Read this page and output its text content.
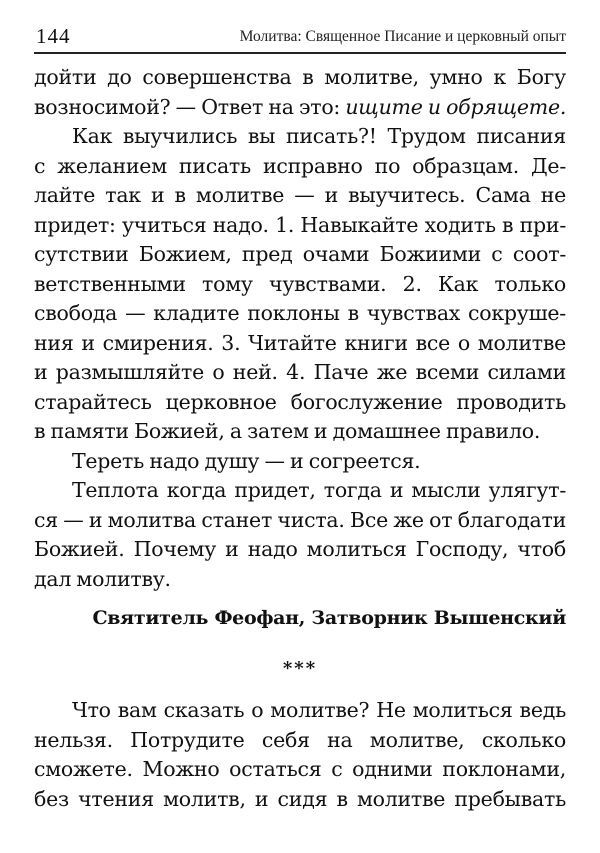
144	Молитва: Священное Писание и церковный опыт
дойти до совершенства в молитве, умно к Богу
возносимой? — Ответ на это: ищите и обрящете.
Как выучились вы писать?! Трудом писания
с желанием писать исправно по образцам. Де-
лайте так и в молитве — и выучитесь. Сама не
придет: учиться надо. 1. Навыкайте ходить в при-
сутствии Божием, пред очами Божиими с соот-
ветственными тому чувствами. 2. Как только
свобода — кладите поклоны в чувствах сокруше-
ния и смирения. 3. Читайте книги все о молитве
и размышляйте о ней. 4. Паче же всеми силами
старайтесь церковное богослужение проводить
в памяти Божией, а затем и домашнее правило.
Тереть надо душу — и согреется.
Теплота когда придет, тогда и мысли улягут-
ся — и молитва станет чиста. Все же от благодати
Божией. Почему и надо молиться Господу, чтоб
дал молитву.
Святитель Феофан, Затворник Вышенский
***
Что вам сказать о молитве? Не молиться ведь
нельзя. Потрудите себя на молитве, сколько
сможете. Можно остаться с одними поклонами,
без чтения молитв, и сидя в молитве пребывать
